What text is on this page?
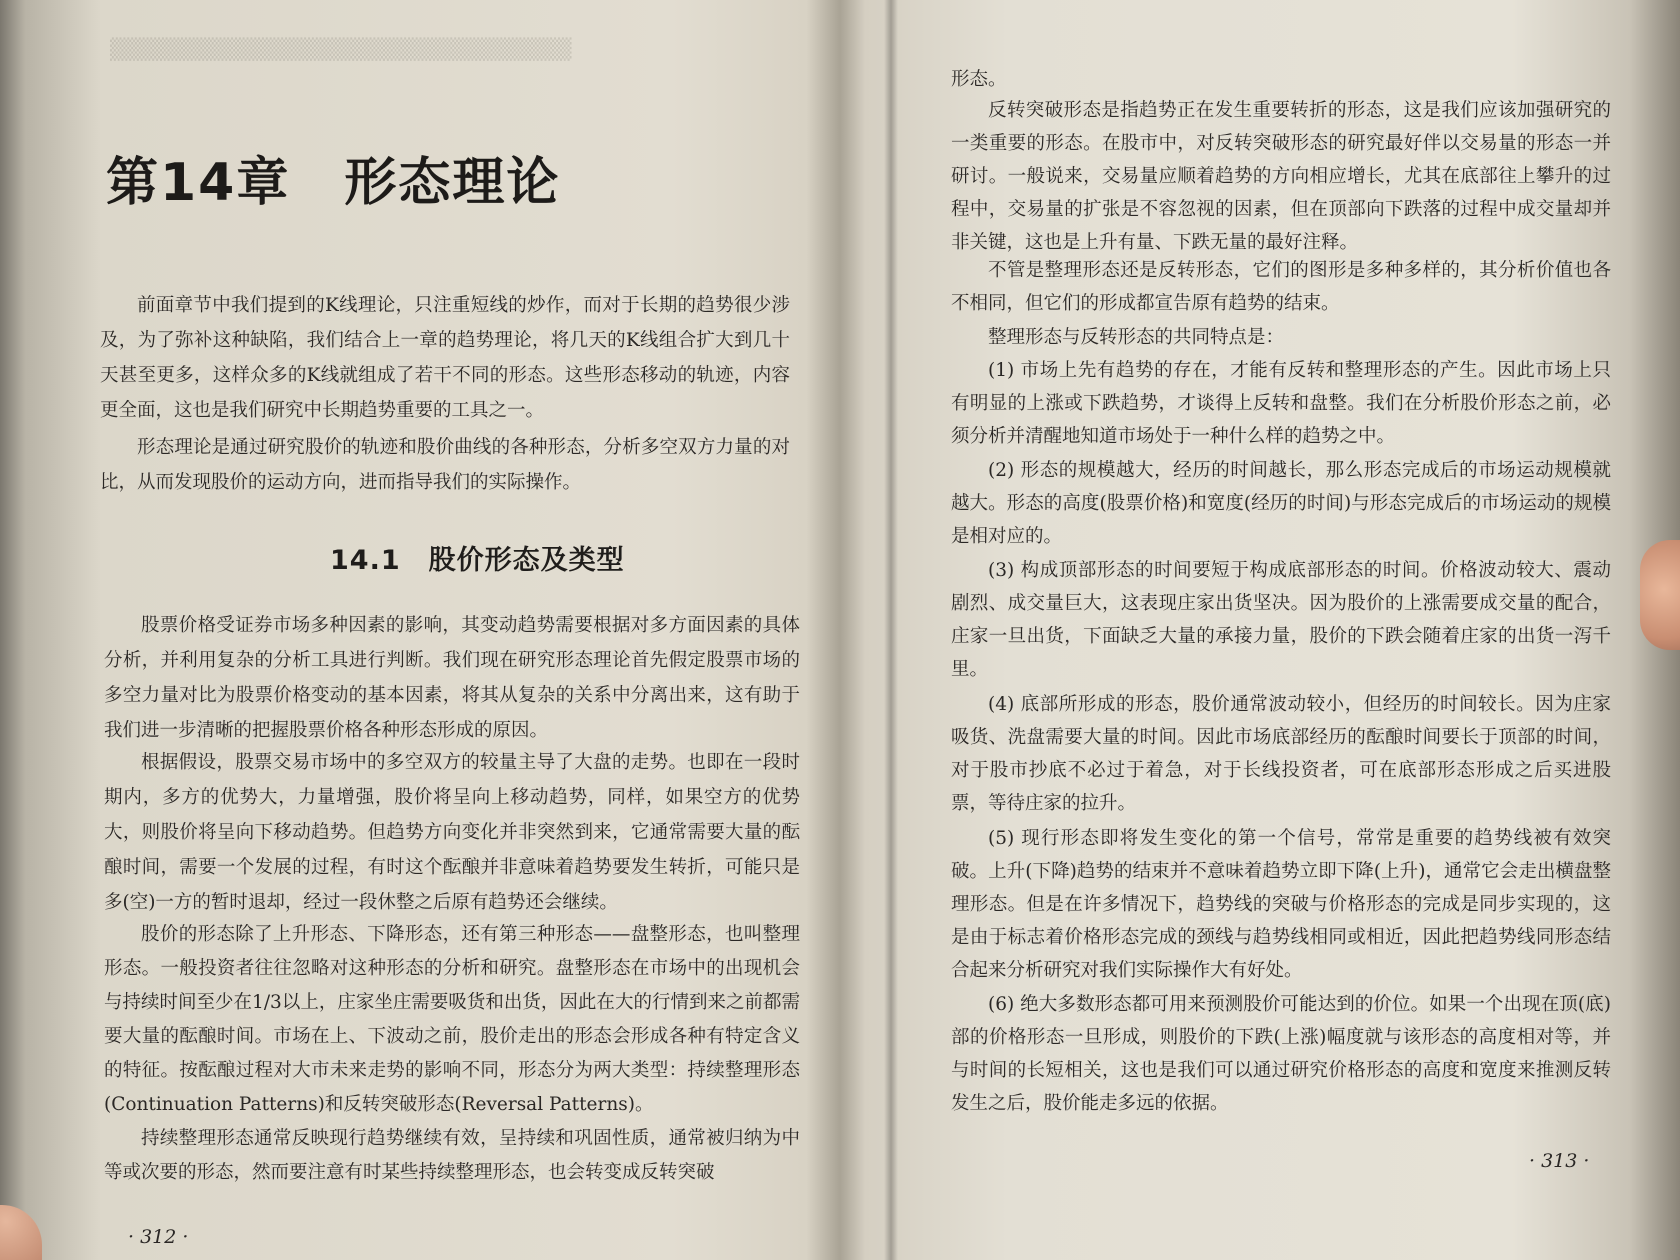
▒▒▒▒▒▒▒▒▒▒▒▒▒▒▒▒▒▒▒▒▒▒▒▒▒▒▒▒▒▒
第14章　形态理论

前面章节中我们提到的K线理论，只注重短线的炒作，而对于长期的趋势很少涉及，为了弥补这种缺陷，我们结合上一章的趋势理论，将几天的K线组合扩大到几十天甚至更多，这样众多的K线就组成了若干不同的形态。这些形态移动的轨迹，内容更全面，这也是我们研究中长期趋势重要的工具之一。

形态理论是通过研究股价的轨迹和股价曲线的各种形态，分析多空双方力量的对比，从而发现股价的运动方向，进而指导我们的实际操作。

14.1　股价形态及类型

股票价格受证券市场多种因素的影响，其变动趋势需要根据对多方面因素的具体分析，并利用复杂的分析工具进行判断。我们现在研究形态理论首先假定股票市场的多空力量对比为股票价格变动的基本因素，将其从复杂的关系中分离出来，这有助于我们进一步清晰的把握股票价格各种形态形成的原因。

根据假设，股票交易市场中的多空双方的较量主导了大盘的走势。也即在一段时期内，多方的优势大，力量增强，股价将呈向上移动趋势，同样，如果空方的优势大，则股价将呈向下移动趋势。但趋势方向变化并非突然到来，它通常需要大量的酝酿时间，需要一个发展的过程，有时这个酝酿并非意味着趋势要发生转折，可能只是多(空)一方的暂时退却，经过一段休整之后原有趋势还会继续。

股价的形态除了上升形态、下降形态，还有第三种形态——盘整形态，也叫整理形态。一般投资者往往忽略对这种形态的分析和研究。盘整形态在市场中的出现机会与持续时间至少在1/3以上，庄家坐庄需要吸货和出货，因此在大的行情到来之前都需要大量的酝酿时间。市场在上、下波动之前，股价走出的形态会形成各种有特定含义的特征。按酝酿过程对大市未来走势的影响不同，形态分为两大类型：持续整理形态(Continuation Patterns)和反转突破形态(Reversal Patterns)。

持续整理形态通常反映现行趋势继续有效，呈持续和巩固性质，通常被归纳为中等或次要的形态，然而要注意有时某些持续整理形态，也会转变成反转突破

· 312 ·

形态。

反转突破形态是指趋势正在发生重要转折的形态，这是我们应该加强研究的一类重要的形态。在股市中，对反转突破形态的研究最好伴以交易量的形态一并研讨。一般说来，交易量应顺着趋势的方向相应增长，尤其在底部往上攀升的过程中，交易量的扩张是不容忽视的因素，但在顶部向下跌落的过程中成交量却并非关键，这也是上升有量、下跌无量的最好注释。

不管是整理形态还是反转形态，它们的图形是多种多样的，其分析价值也各不相同，但它们的形成都宣告原有趋势的结束。

整理形态与反转形态的共同特点是：

(1) 市场上先有趋势的存在，才能有反转和整理形态的产生。因此市场上只有明显的上涨或下跌趋势，才谈得上反转和盘整。我们在分析股价形态之前，必须分析并清醒地知道市场处于一种什么样的趋势之中。

(2) 形态的规模越大，经历的时间越长，那么形态完成后的市场运动规模就越大。形态的高度(股票价格)和宽度(经历的时间)与形态完成后的市场运动的规模是相对应的。

(3) 构成顶部形态的时间要短于构成底部形态的时间。价格波动较大、震动剧烈、成交量巨大，这表现庄家出货坚决。因为股价的上涨需要成交量的配合，庄家一旦出货，下面缺乏大量的承接力量，股价的下跌会随着庄家的出货一泻千里。

(4) 底部所形成的形态，股价通常波动较小，但经历的时间较长。因为庄家吸货、洗盘需要大量的时间。因此市场底部经历的酝酿时间要长于顶部的时间，对于股市抄底不必过于着急，对于长线投资者，可在底部形态形成之后买进股票，等待庄家的拉升。

(5) 现行形态即将发生变化的第一个信号，常常是重要的趋势线被有效突破。上升(下降)趋势的结束并不意味着趋势立即下降(上升)，通常它会走出横盘整理形态。但是在许多情况下，趋势线的突破与价格形态的完成是同步实现的，这是由于标志着价格形态完成的颈线与趋势线相同或相近，因此把趋势线同形态结合起来分析研究对我们实际操作大有好处。

(6) 绝大多数形态都可用来预测股价可能达到的价位。如果一个出现在顶(底)部的价格形态一旦形成，则股价的下跌(上涨)幅度就与该形态的高度相对等，并与时间的长短相关，这也是我们可以通过研究价格形态的高度和宽度来推测反转发生之后，股价能走多远的依据。

· 313 ·
